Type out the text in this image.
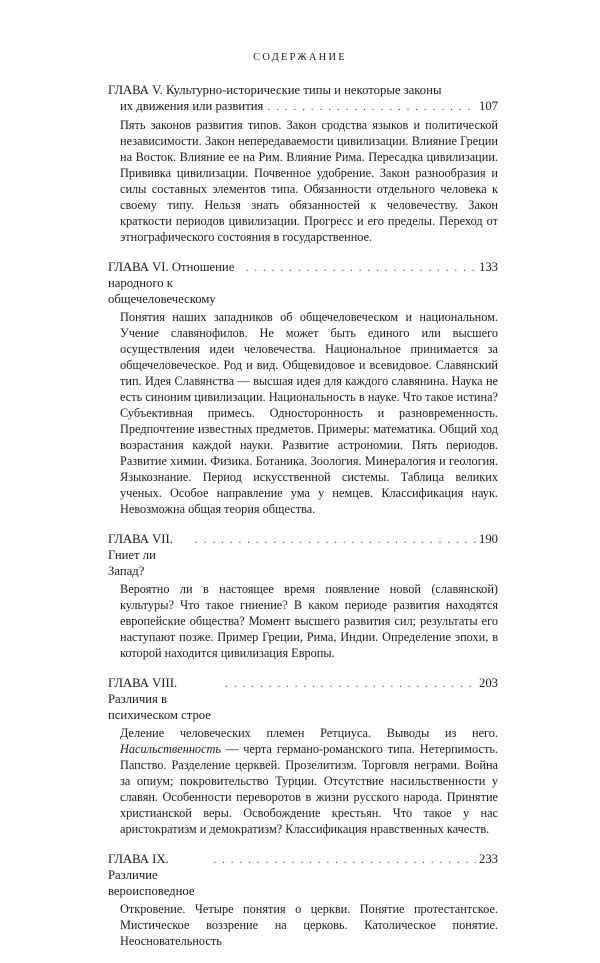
СОДЕРЖАНИЕ
ГЛАВА V. Культурно-исторические типы и некоторые законы
их движения или развития
. . .	107
Пять законов развития типов. Закон сродства языков и политической независимости. Закон непередаваемости цивилизации. Влияние Греции на Восток. Влияние ее на Рим. Влияние Рима. Пересадка цивилизации. Прививка цивилизации. Почвенное удобрение. Закон разнообразия и силы составных элементов типа. Обязанности отдельного человека к своему типу. Нельзя знать обязанностей к человечеству. Закон краткости периодов цивилизации. Прогресс и его пределы. Переход от этнографического состояния в государственное.
ГЛАВА VI. Отношение народного к общечеловеческому
. . .
133
Понятия наших западников об общечеловеческом и национальном. Учение славянофилов. Не может быть единого или высшего осуществления идеи человечества. Национальное принимается за общечеловеческое. Род и вид. Общевидовое и всевидовое. Славянский тип. Идея Славянства — высшая идея для каждого славянина. Наука не есть синоним цивилизации. Национальность в науке. Что такое истина? Субъективная примесь. Односторонность и разновременность. Предпочтение известных предметов. Примеры: математика. Общий ход возрастания каждой науки. Развитие астрономии. Пять периодов. Развитие химии. Физика. Ботаника. Зоология. Минералогия и геология. Языкознание. Период искусственной системы. Таблица великих ученых. Особое направление ума у немцев. Классификация наук. Невозможна общая теория общества.
ГЛАВА VII. Гниет ли Запад?
. . .
190
Вероятно ли в настоящее время появление новой (славянской) культуры? Что такое гниение? В каком периоде развития находятся европейские общества? Момент высшего развития сил; результаты его наступают позже. Пример Греции, Рима, Индии. Определение эпохи, в которой находится цивилизация Европы.
ГЛАВА VIII. Различия в психическом строе
. . .
203
Деление человеческих племен Ретциуса. Выводы из него. Насильственность — черта германо-романского типа. Нетерпимость. Папство. Разделение церквей. Прозелитизм. Торговля неграми. Война за опиум; покровительство Турции. Отсутствие насильственности у славян. Особенности переворотов в жизни русского народа. Принятие христианской веры. Освобождение крестьян. Что такое у нас аристократизм и демократизм? Классификация нравственных качеств.
ГЛАВА IX. Различие вероисповедное
. . .
233
Откровение. Четыре понятия о церкви. Понятие протестантское. Мистическое воззрение на церковь. Католическое понятие. Неосновательность
